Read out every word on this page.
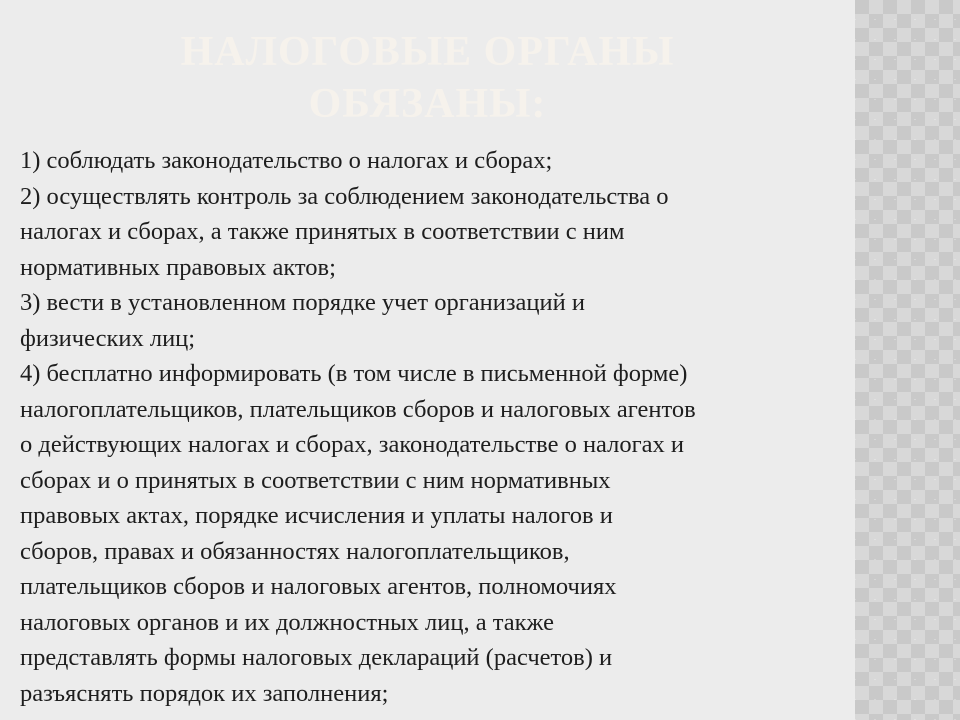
НАЛОГОВЫЕ ОРГАНЫ
ОБЯЗАНЫ:
1) соблюдать законодательство о налогах и сборах;
2) осуществлять контроль за соблюдением законодательства о
налогах и сборах, а также принятых в соответствии с ним
нормативных правовых актов;
3) вести в установленном порядке учет организаций и
физических лиц;
4) бесплатно информировать (в том числе в письменной форме)
налогоплательщиков, плательщиков сборов и налоговых агентов
о действующих налогах и сборах, законодательстве о налогах и
сборах и о принятых в соответствии с ним нормативных
правовых актах, порядке исчисления и уплаты налогов и
сборов, правах и обязанностях налогоплательщиков,
плательщиков сборов и налоговых агентов, полномочиях
налоговых органов и их должностных лиц, а также
представлять формы налоговых деклараций (расчетов) и
разъяснять порядок их заполнения;
